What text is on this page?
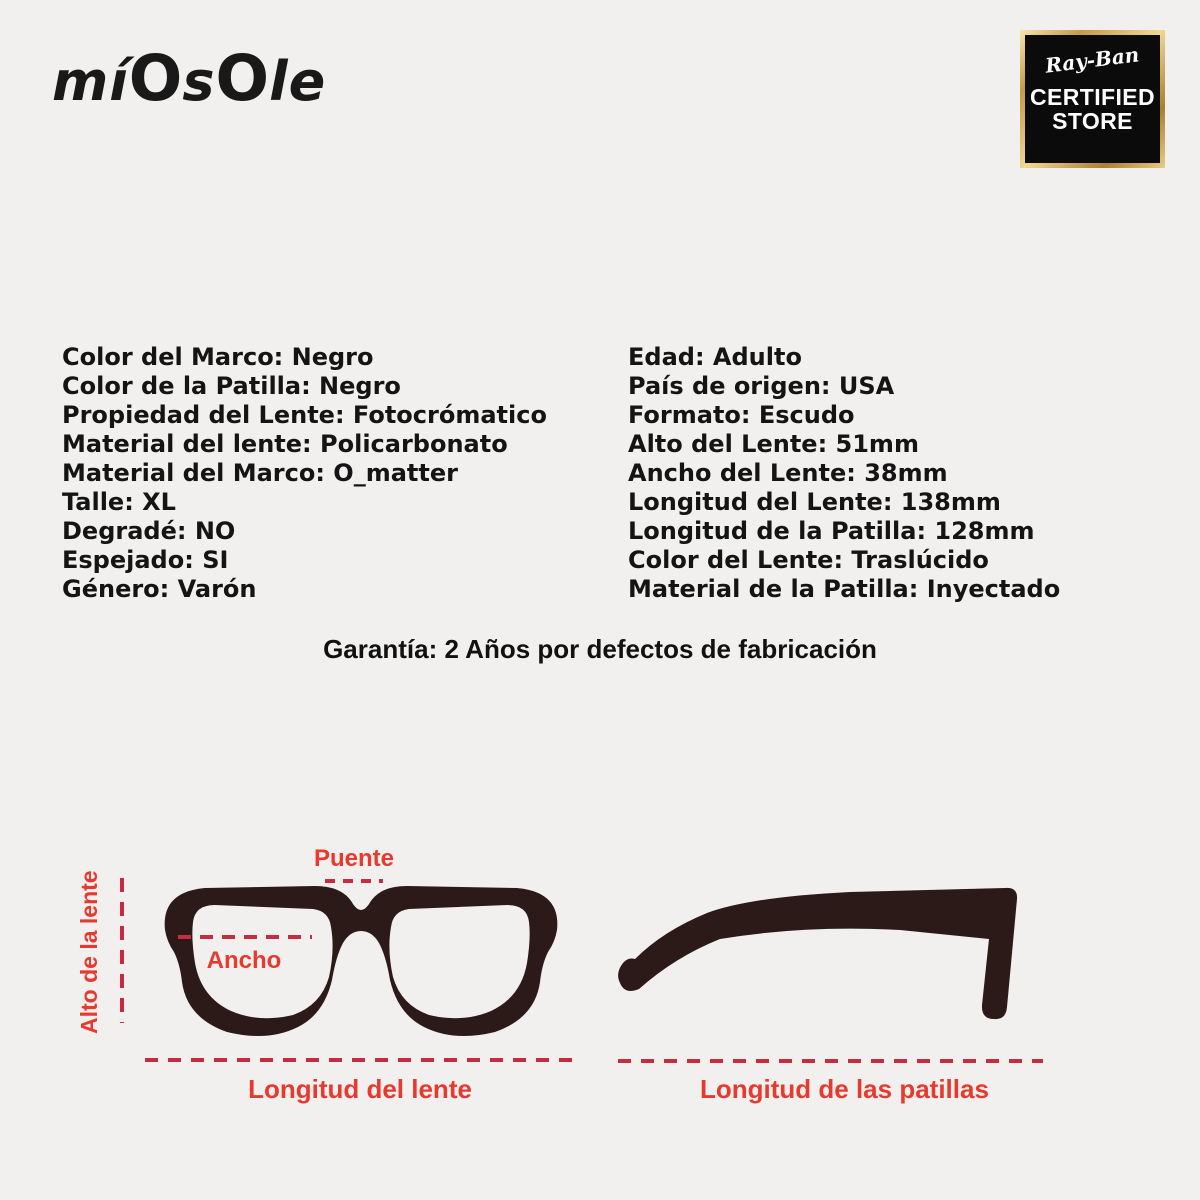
míOsOle	Ray-Ban
CERTIFIED
STORE
Color del Marco: Negro
Color de la Patilla: Negro
Propiedad del Lente: Fotocrómatico
Material del lente: Policarbonato
Material del Marco: O_matter
Talle: XL
Degradé: NO
Espejado: SI
Género: Varón
Edad: Adulto
País de origen: USA
Formato: Escudo
Alto del Lente: 51mm
Ancho del Lente: 38mm
Longitud del Lente: 138mm
Longitud de la Patilla: 128mm
Color del Lente: Traslúcido
Material de la Patilla: Inyectado
Garantía: 2 Años por defectos de fabricación
Puente
Ancho
Alto de la lente
Longitud del lente	Longitud de las patillas
